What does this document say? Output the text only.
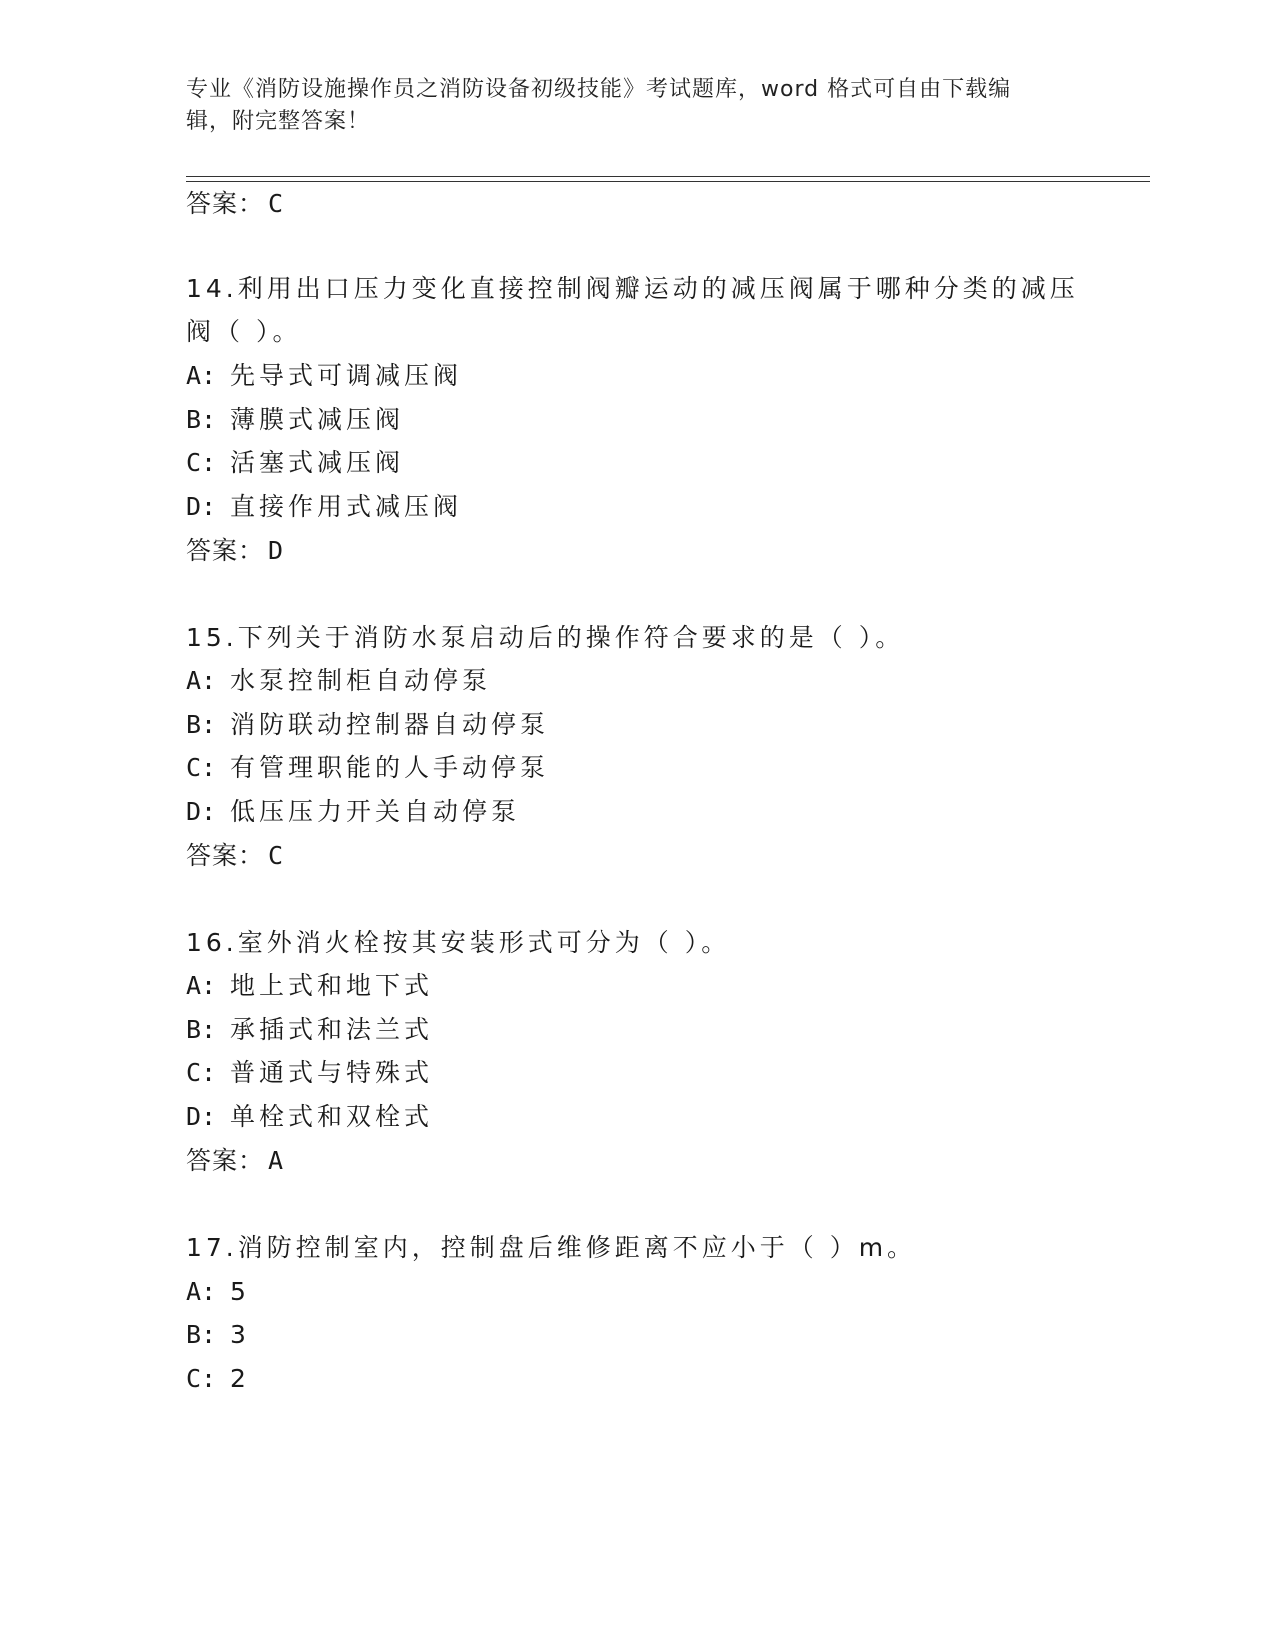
专业《消防设施操作员之消防设备初级技能》考试题库，word 格式可自由下载编
辑，附完整答案！
答案： C
14.利用出口压力变化直接控制阀瓣运动的减压阀属于哪种分类的减压
阀（ ）。
A: 先导式可调减压阀
B: 薄膜式减压阀
C: 活塞式减压阀
D: 直接作用式减压阀
答案： D
15.下列关于消防水泵启动后的操作符合要求的是（ ）。
A: 水泵控制柜自动停泵
B: 消防联动控制器自动停泵
C: 有管理职能的人手动停泵
D: 低压压力开关自动停泵
答案： C
16.室外消火栓按其安装形式可分为（ ）。
A: 地上式和地下式
B: 承插式和法兰式
C: 普通式与特殊式
D: 单栓式和双栓式
答案： A
17.消防控制室内，控制盘后维修距离不应小于（ ）m。
A: 5
B: 3
C: 2
